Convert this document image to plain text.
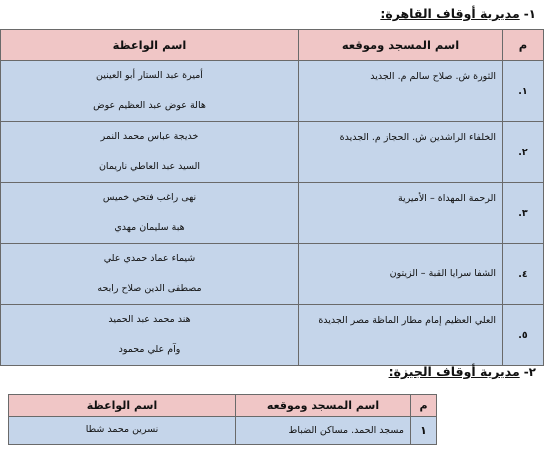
١-
مديرية أوقاف القاهرة:
م	اسم المسجد وموقعه	اسم الواعظة
١.	الثورة ش. صلاح سالم م. الجديد	أميرة عبد الستار أبو العينين
هالة عوض عبد العظيم عوض

٢.	الخلفاء الراشدين ش. الحجاز م. الجديدة	خديجة عباس محمد النمر
السيد عبد العاطي ناريمان

٣.	الرحمة المهداة – الأميرية	نهى راغب فتحي خميس
هبة سليمان مهدي

٤.	الشفا سرايا القبة – الزيتون	شيماء عماد حمدي علي
مصطفى الدين صلاح رابحه

٥.	العلي العظيم إمام مطار الماظة مصر الجديدة	هند محمد عبد الحميد
وآم علي محمود
٢-
مديرية أوقاف الجيزة:
م	اسم المسجد وموقعه	اسم الواعظة
١	مسجد الحمد. مساكن الضباط	نسرين محمد شطا
